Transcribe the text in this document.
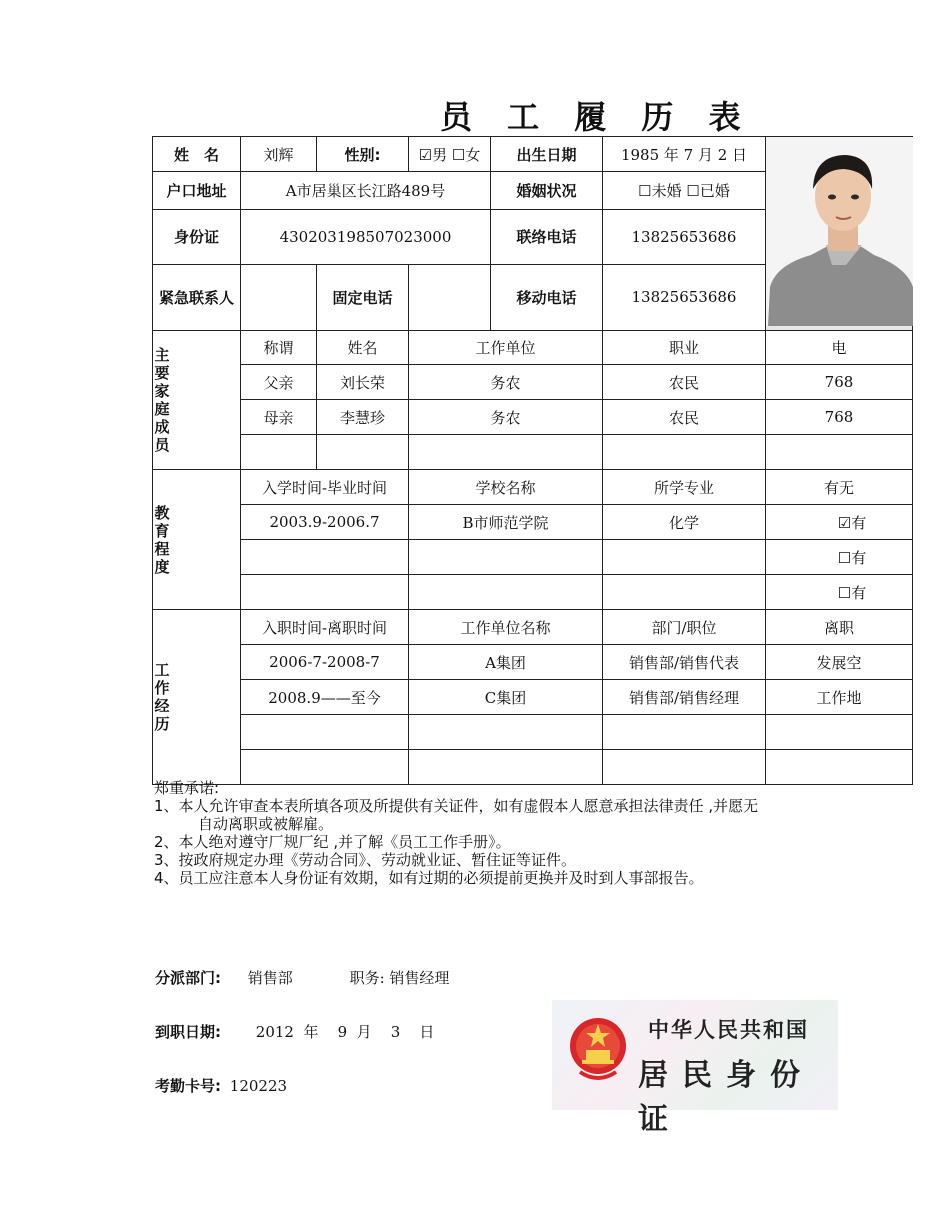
员 工 履 历 表
姓　名	刘辉	性别:	☑男 ☐女	出生日期	1985 年 7 月 2 日	

户口地址	A市居巢区长江路489号			婚姻状况	☐未婚 ☐已婚	
身份证	430203198507023000			联络电话	13825653686	
紧急联系人		固定电话		移动电话	13825653686	

主要家庭成员	称谓	姓名	工作单位		职业	电
	父亲	刘长荣	务农		农民	768
	母亲	李慧珍	务农		农民	768

教育程度	入学时间-毕业时间		学校名称		所学专业	有无
	2003.9-2006.7		B市师范学院		化学	☑有
						☐有
						☐有

工作经历	入职时间-离职时间		工作单位名称		部门/职位	离职
	2006-7-2008-7		A集团		销售部/销售代表	发展空
	2008.9——至今		C集团		销售部/销售经理	工作地

郑重承诺:
1、本人允许审查本表所填各项及所提供有关证件，如有虚假本人愿意承担法律责任 ,并愿无
自动离职或被解雇。
2、本人绝对遵守厂规厂纪 ,并了解《员工工作手册》。
3、按政府规定办理《劳动合同》、劳动就业证、暂住证等证件。
4、员工应注意本人身份证有效期，如有过期的必须提前更换并及时到人事部报告。
分派部门: 销售部	职务: 销售经理
到职日期: 2012  年    9  月    3    日
考勤卡号: 120223
中华人民共和国
居民身份证
